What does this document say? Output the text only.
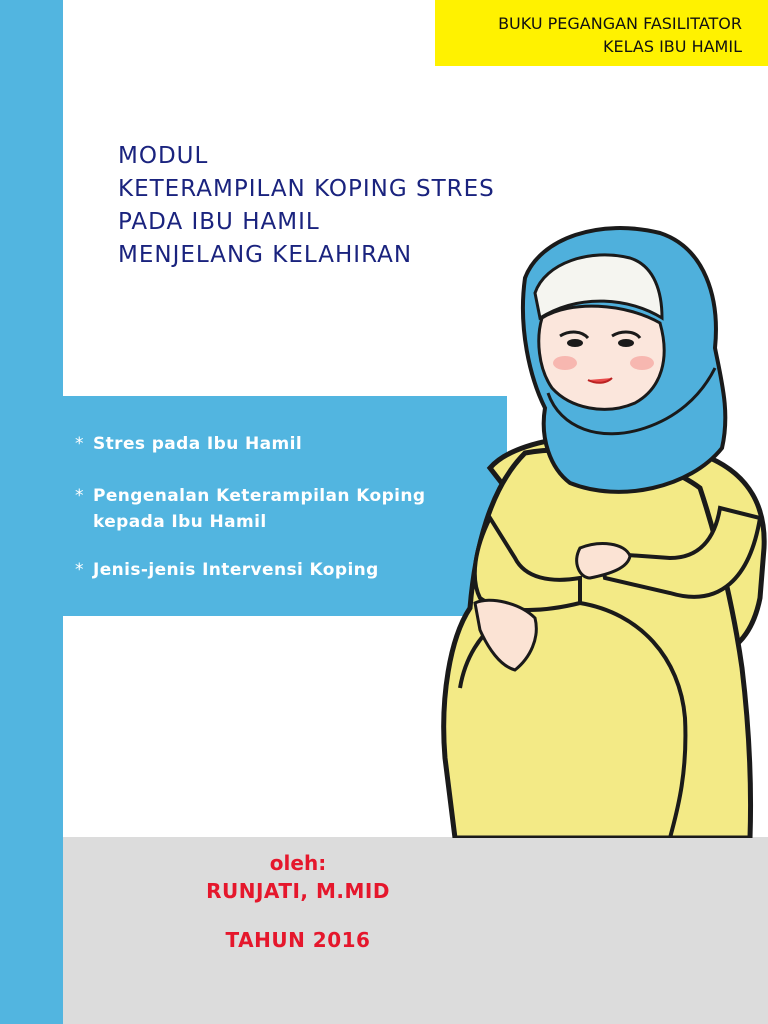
BUKU PEGANGAN FASILITATOR
KELAS IBU HAMIL
MODUL
KETERAMPILAN KOPING STRES
PADA IBU HAMIL
MENJELANG KELAHIRAN
* Stres pada Ibu Hamil
* Pengenalan Keterampilan Koping
kepada Ibu Hamil
* Jenis-jenis Intervensi Koping
oleh:
RUNJATI, M.MID
TAHUN 2016
